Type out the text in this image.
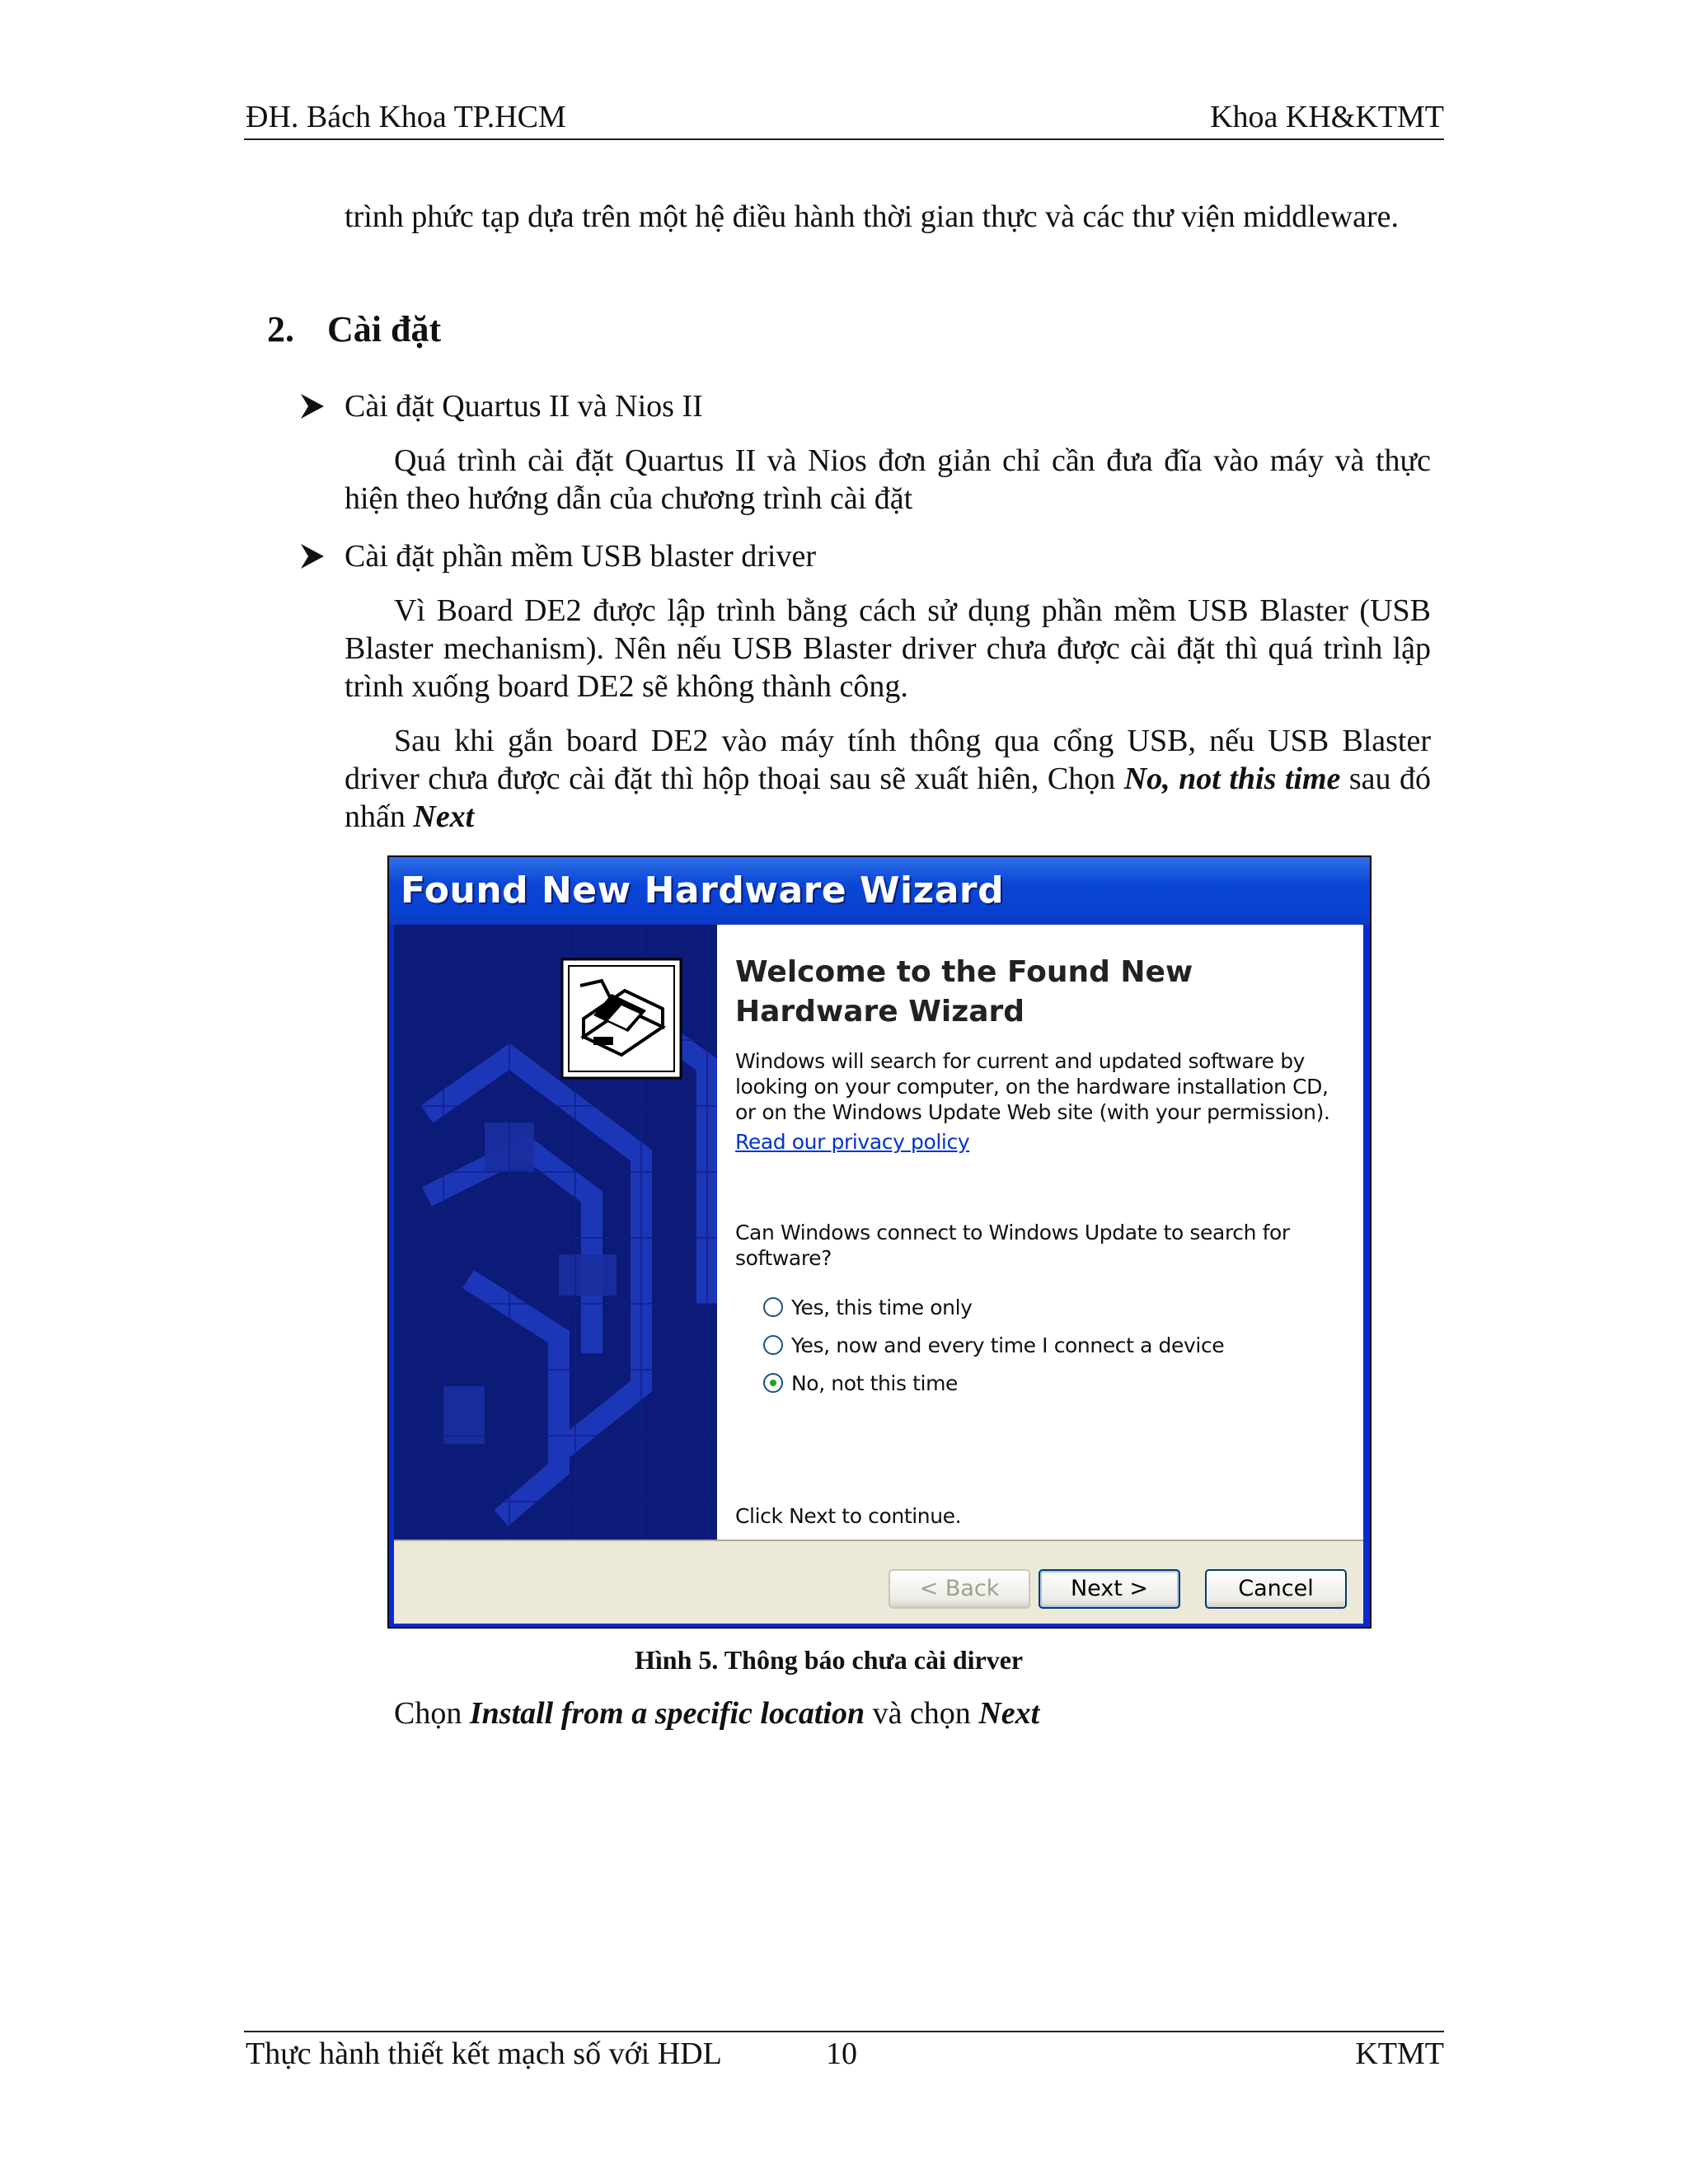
ĐH. Bách Khoa TP.HCM	Khoa KH&KTMT

trình phức tạp dựa trên một hệ điều hành thời gian thực và các thư viện middleware.

2. Cài đặt
Cài đặt Quartus II và Nios II

Quá trình cài đặt Quartus II và Nios đơn giản chỉ cần đưa đĩa vào máy và thực hiện theo hướng dẫn của chương trình cài đặt

Cài đặt phần mềm USB blaster driver

Vì Board DE2 được lập trình bằng cách sử dụng phần mềm USB Blaster (USB Blaster mechanism). Nên nếu USB Blaster driver chưa được cài đặt thì quá trình lập trình xuống board DE2 sẽ không thành công.

Sau khi gắn board DE2 vào máy tính thông qua cổng USB, nếu USB Blaster driver chưa được cài đặt thì hộp thoại sau sẽ xuất hiên, Chọn No, not this time sau đó nhấn Next

Found New Hardware Wizard
Welcome to the Found New
Hardware Wizard
Windows will search for current and updated software by looking on your computer, on the hardware installation CD, or on the Windows Update Web site (with your permission).
Read our privacy policy
Can Windows connect to Windows Update to search for software?
Yes, this time only
Yes, now and every time I connect a device
No, not this time
Click Next to continue.
< Back	Next >	Cancel
Hình 5. Thông báo chưa cài dirver

Chọn Install from a specific location và chọn Next

Thực hành thiết kết mạch số với HDL	10	KTMT
